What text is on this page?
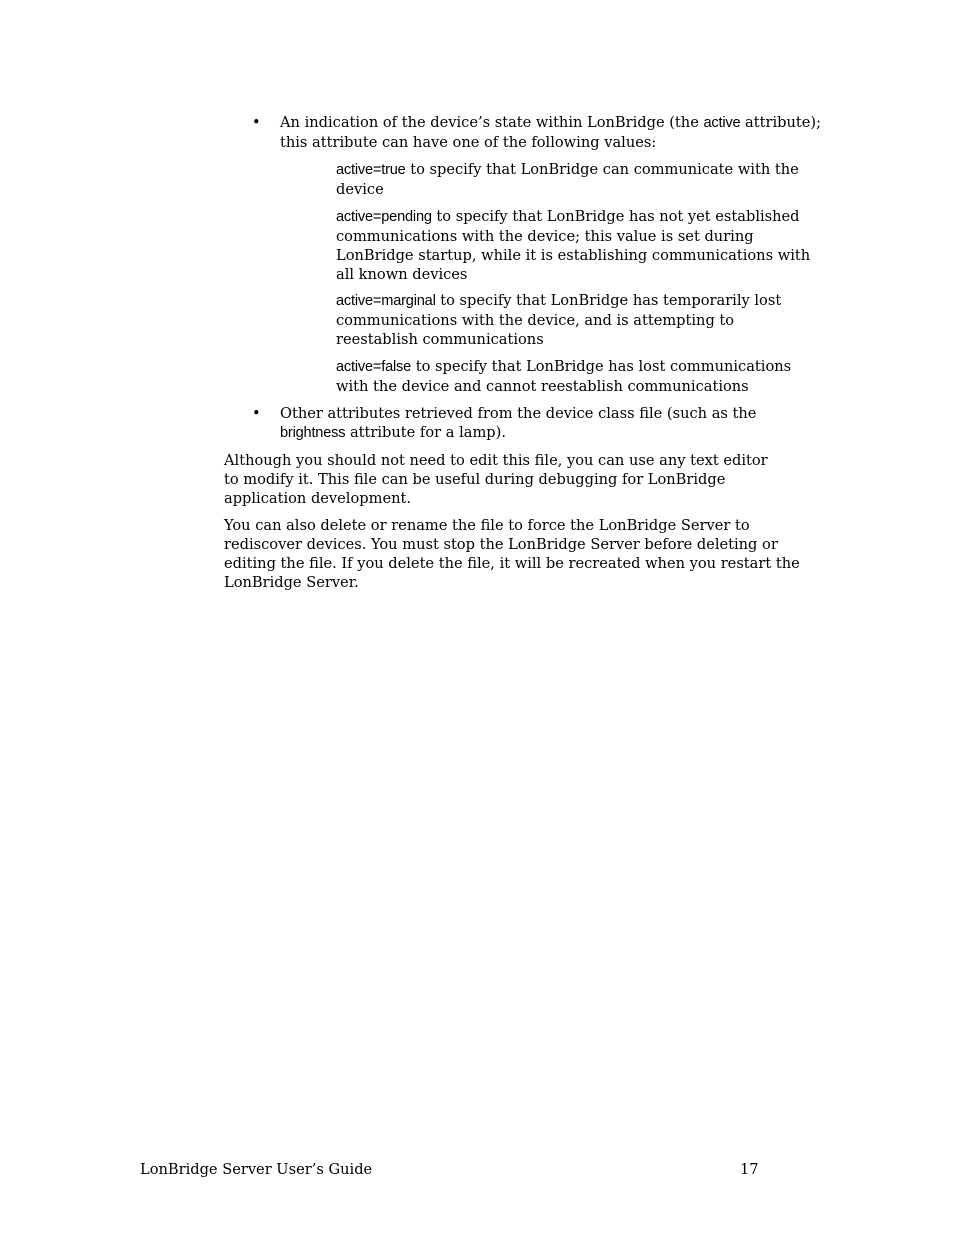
•	An indication of the device’s state within LonBridge (the active attribute); this attribute can have one of the following values:

active=true to specify that LonBridge can communicate with the device

active=pending to specify that LonBridge has not yet established communications with the device; this value is set during LonBridge startup, while it is establishing communications with all known devices

active=marginal to specify that LonBridge has temporarily lost communications with the device, and is attempting to reestablish communications

active=false to specify that LonBridge has lost communications with the device and cannot reestablish communications

•	Other attributes retrieved from the device class file (such as the brightness attribute for a lamp).

Although you should not need to edit this file, you can use any text editor to modify it. This file can be useful during debugging for LonBridge application development.

You can also delete or rename the file to force the LonBridge Server to rediscover devices. You must stop the LonBridge Server before deleting or editing the file. If you delete the file, it will be recreated when you restart the LonBridge Server.

LonBridge Server User’s Guide	17
